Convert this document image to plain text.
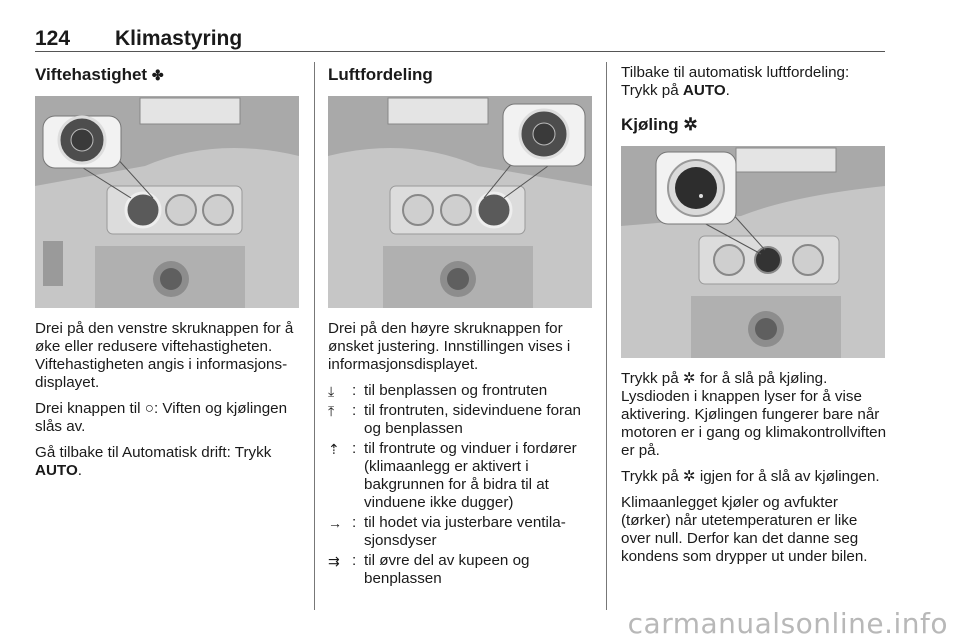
124 Klimastyring
Viftehastighet ✤

Drei på den venstre skruknappen for å øke eller redusere viftehastigheten. Viftehastigheten angis i informasjonsdisplayet.

Drei knappen til ○: Viften og kjølingen slås av.

Gå tilbake til Automatisk drift: Trykk AUTO.

Luftfordeling

Drei på den høyre skruknappen for ønsket justering. Innstillingen vises i informasjonsdisplayet.

⤓	: til benplassen og frontruten
⤒	: til frontruten, sidevinduene foran og benplassen
⇡ : til frontrute og vinduer i fordører (klimaanlegg er aktivert i bakgrunnen for å bidra til at vinduene ikke dugger)
→ : til hodet via justerbare ventilasjonsdyser
⇉ : til øvre del av kupeen og benplassen

Tilbake til automatisk luftfordeling:
Trykk på AUTO.

Kjøling ✲

Trykk på ✲ for å slå på kjøling. Lysdioden i knappen lyser for å vise aktivering. Kjølingen fungerer bare når motoren er i gang og klimakontrollviften er på.

Trykk på ✲ igjen for å slå av kjølingen.

Klimaanlegget kjøler og avfukter (tørker) når utetemperaturen er like over null. Derfor kan det danne seg kondens som drypper ut under bilen.

carmanualsonline.info
